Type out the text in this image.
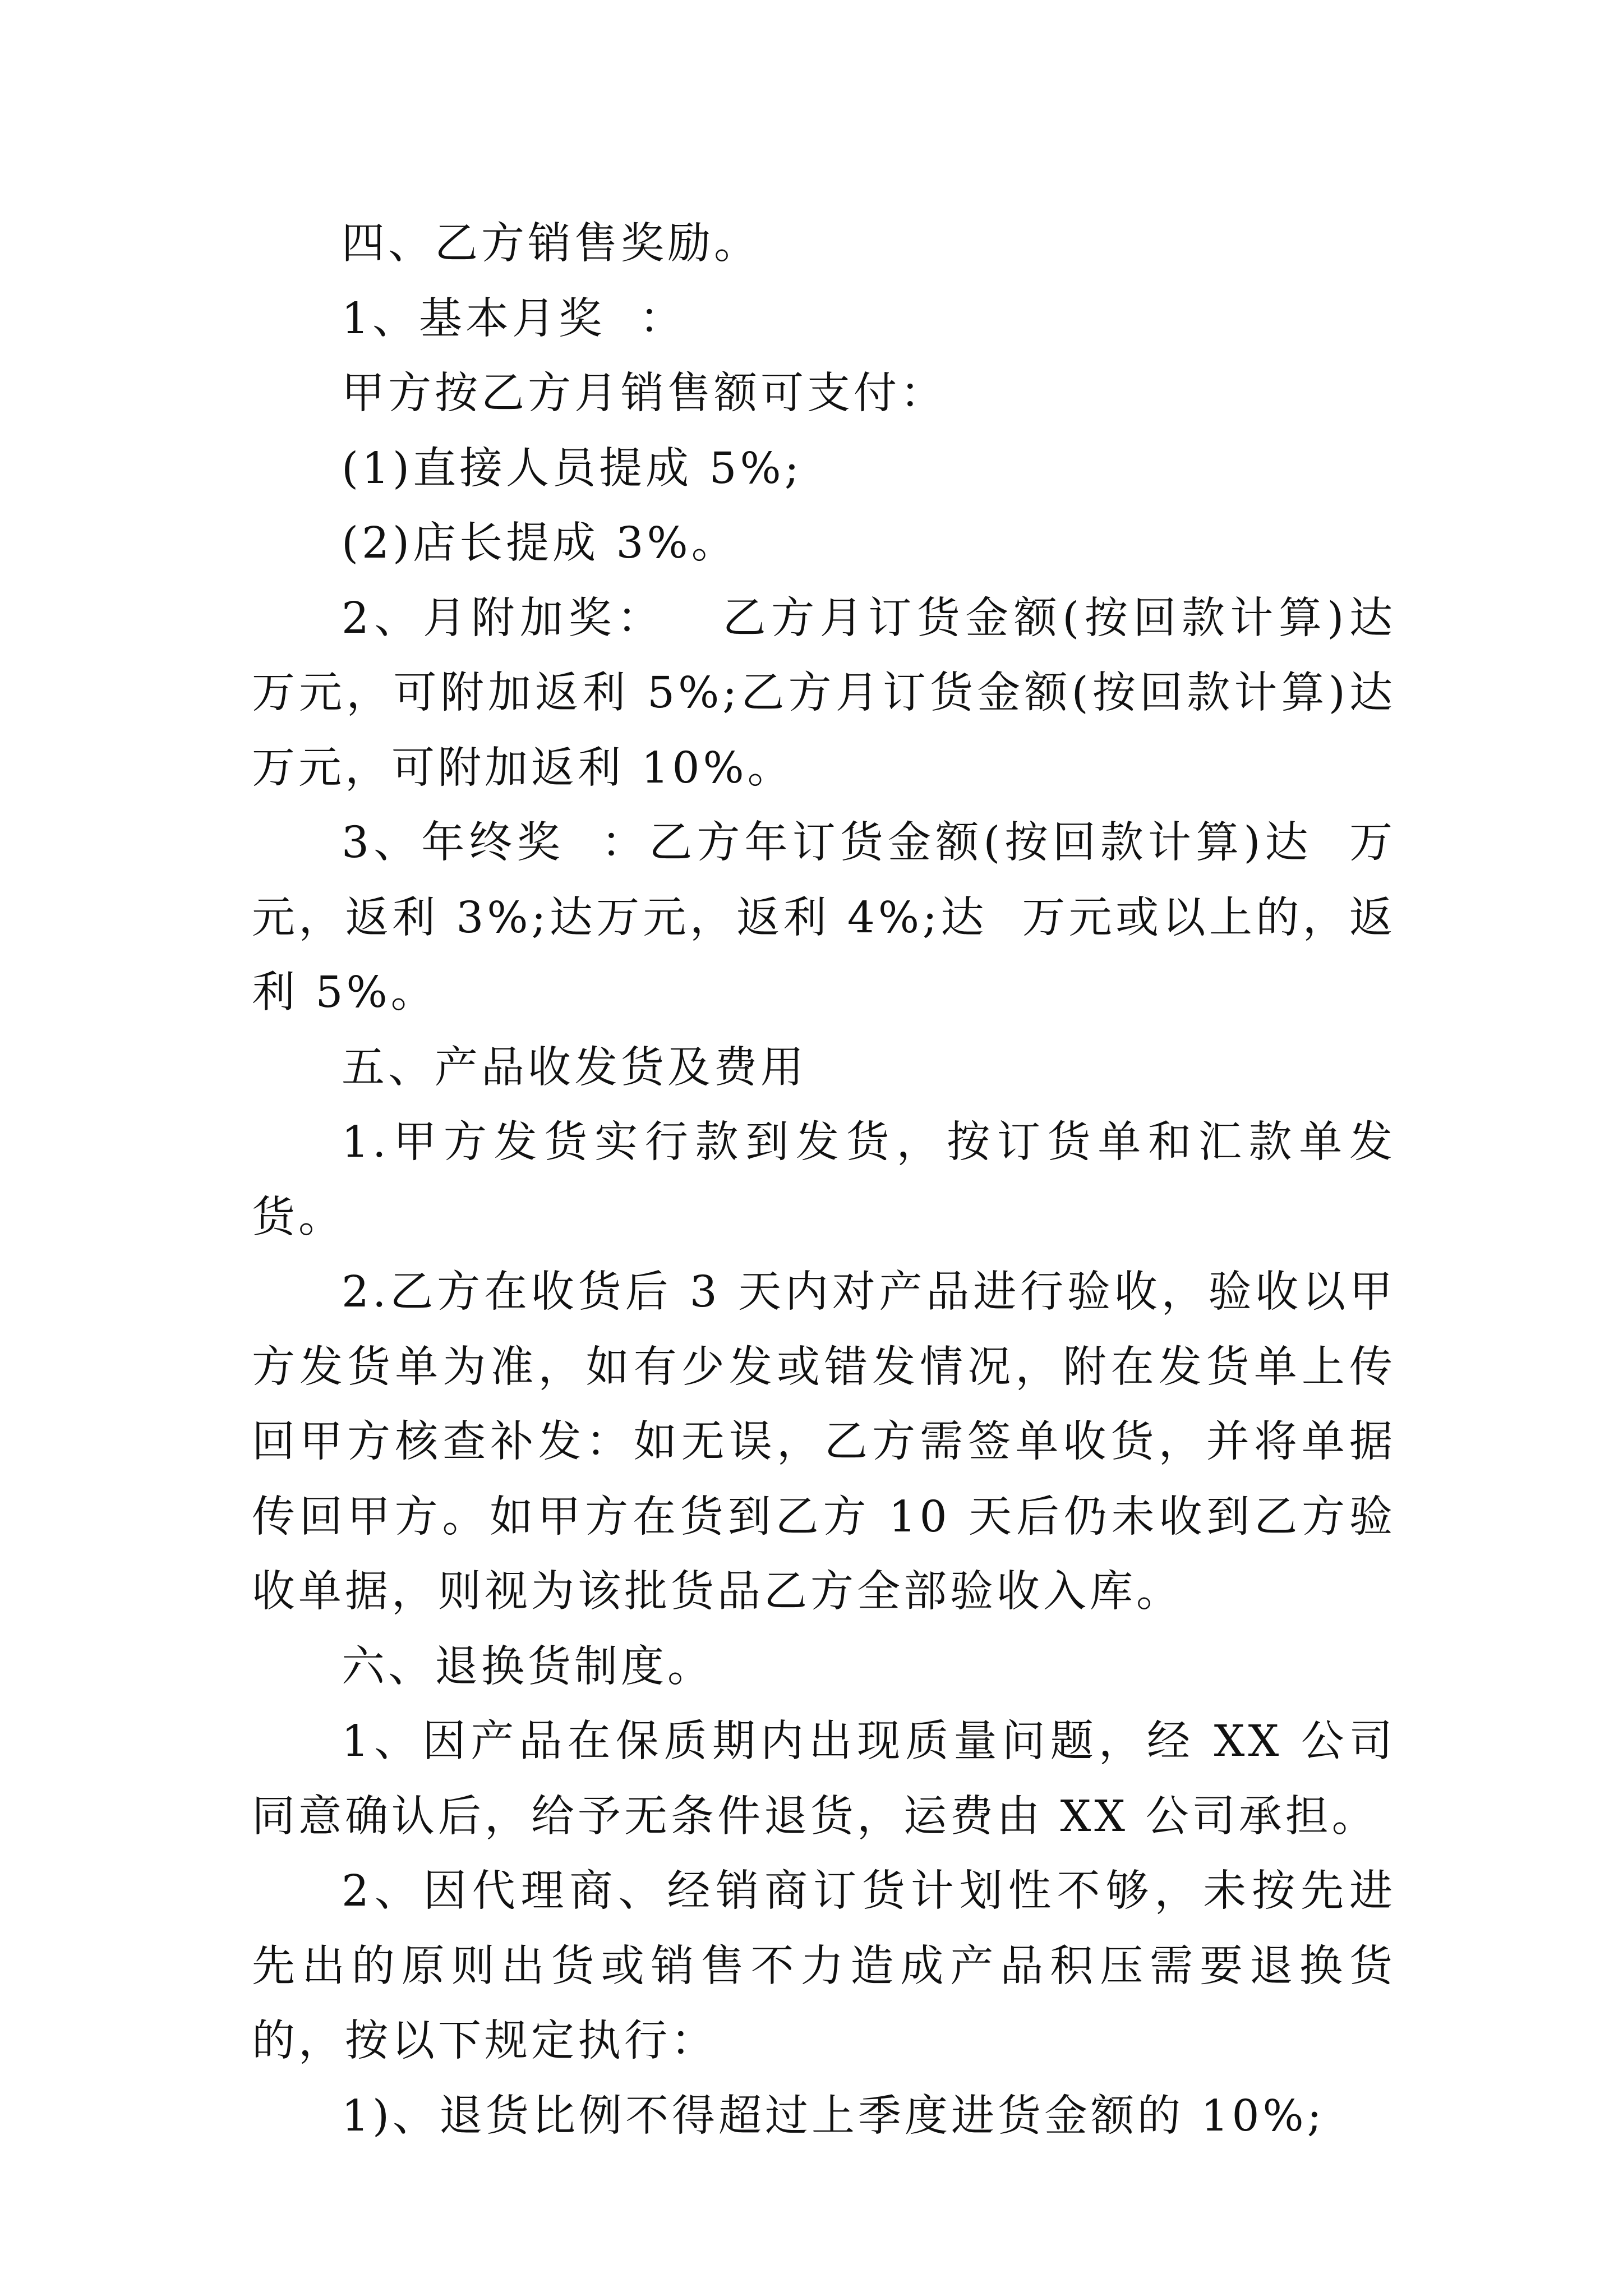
四、乙方销售奖励。

1、基本月奖  ：

甲方按乙方月销售额可支付：

(1)直接人员提成 5%;

(2)店长提成 3%。

2、月附加奖：   乙方月订货金额(按回款计算)达  万元，可附加返利 5%;乙方月订货金额(按回款计算)达  万元，可附加返利 10%。

3、年终奖  ：乙方年订货金额(按回款计算)达  万元，返利 3%;达万元，返利 4%;达  万元或以上的，返利 5%。

五、产品收发货及费用

1.甲方发货实行款到发货，按订货单和汇款单发货。

2.乙方在收货后 3 天内对产品进行验收，验收以甲方发货单为准，如有少发或错发情况，附在发货单上传回甲方核查补发：如无误，乙方需签单收货，并将单据传回甲方。如甲方在货到乙方 10 天后仍未收到乙方验收单据，则视为该批货品乙方全部验收入库。

六、退换货制度。

1、因产品在保质期内出现质量问题，经 XX 公司同意确认后，给予无条件退货，运费由 XX 公司承担。

2、因代理商、经销商订货计划性不够，未按先进先出的原则出货或销售不力造成产品积压需要退换货的，按以下规定执行：

1)、退货比例不得超过上季度进货金额的 10%;
